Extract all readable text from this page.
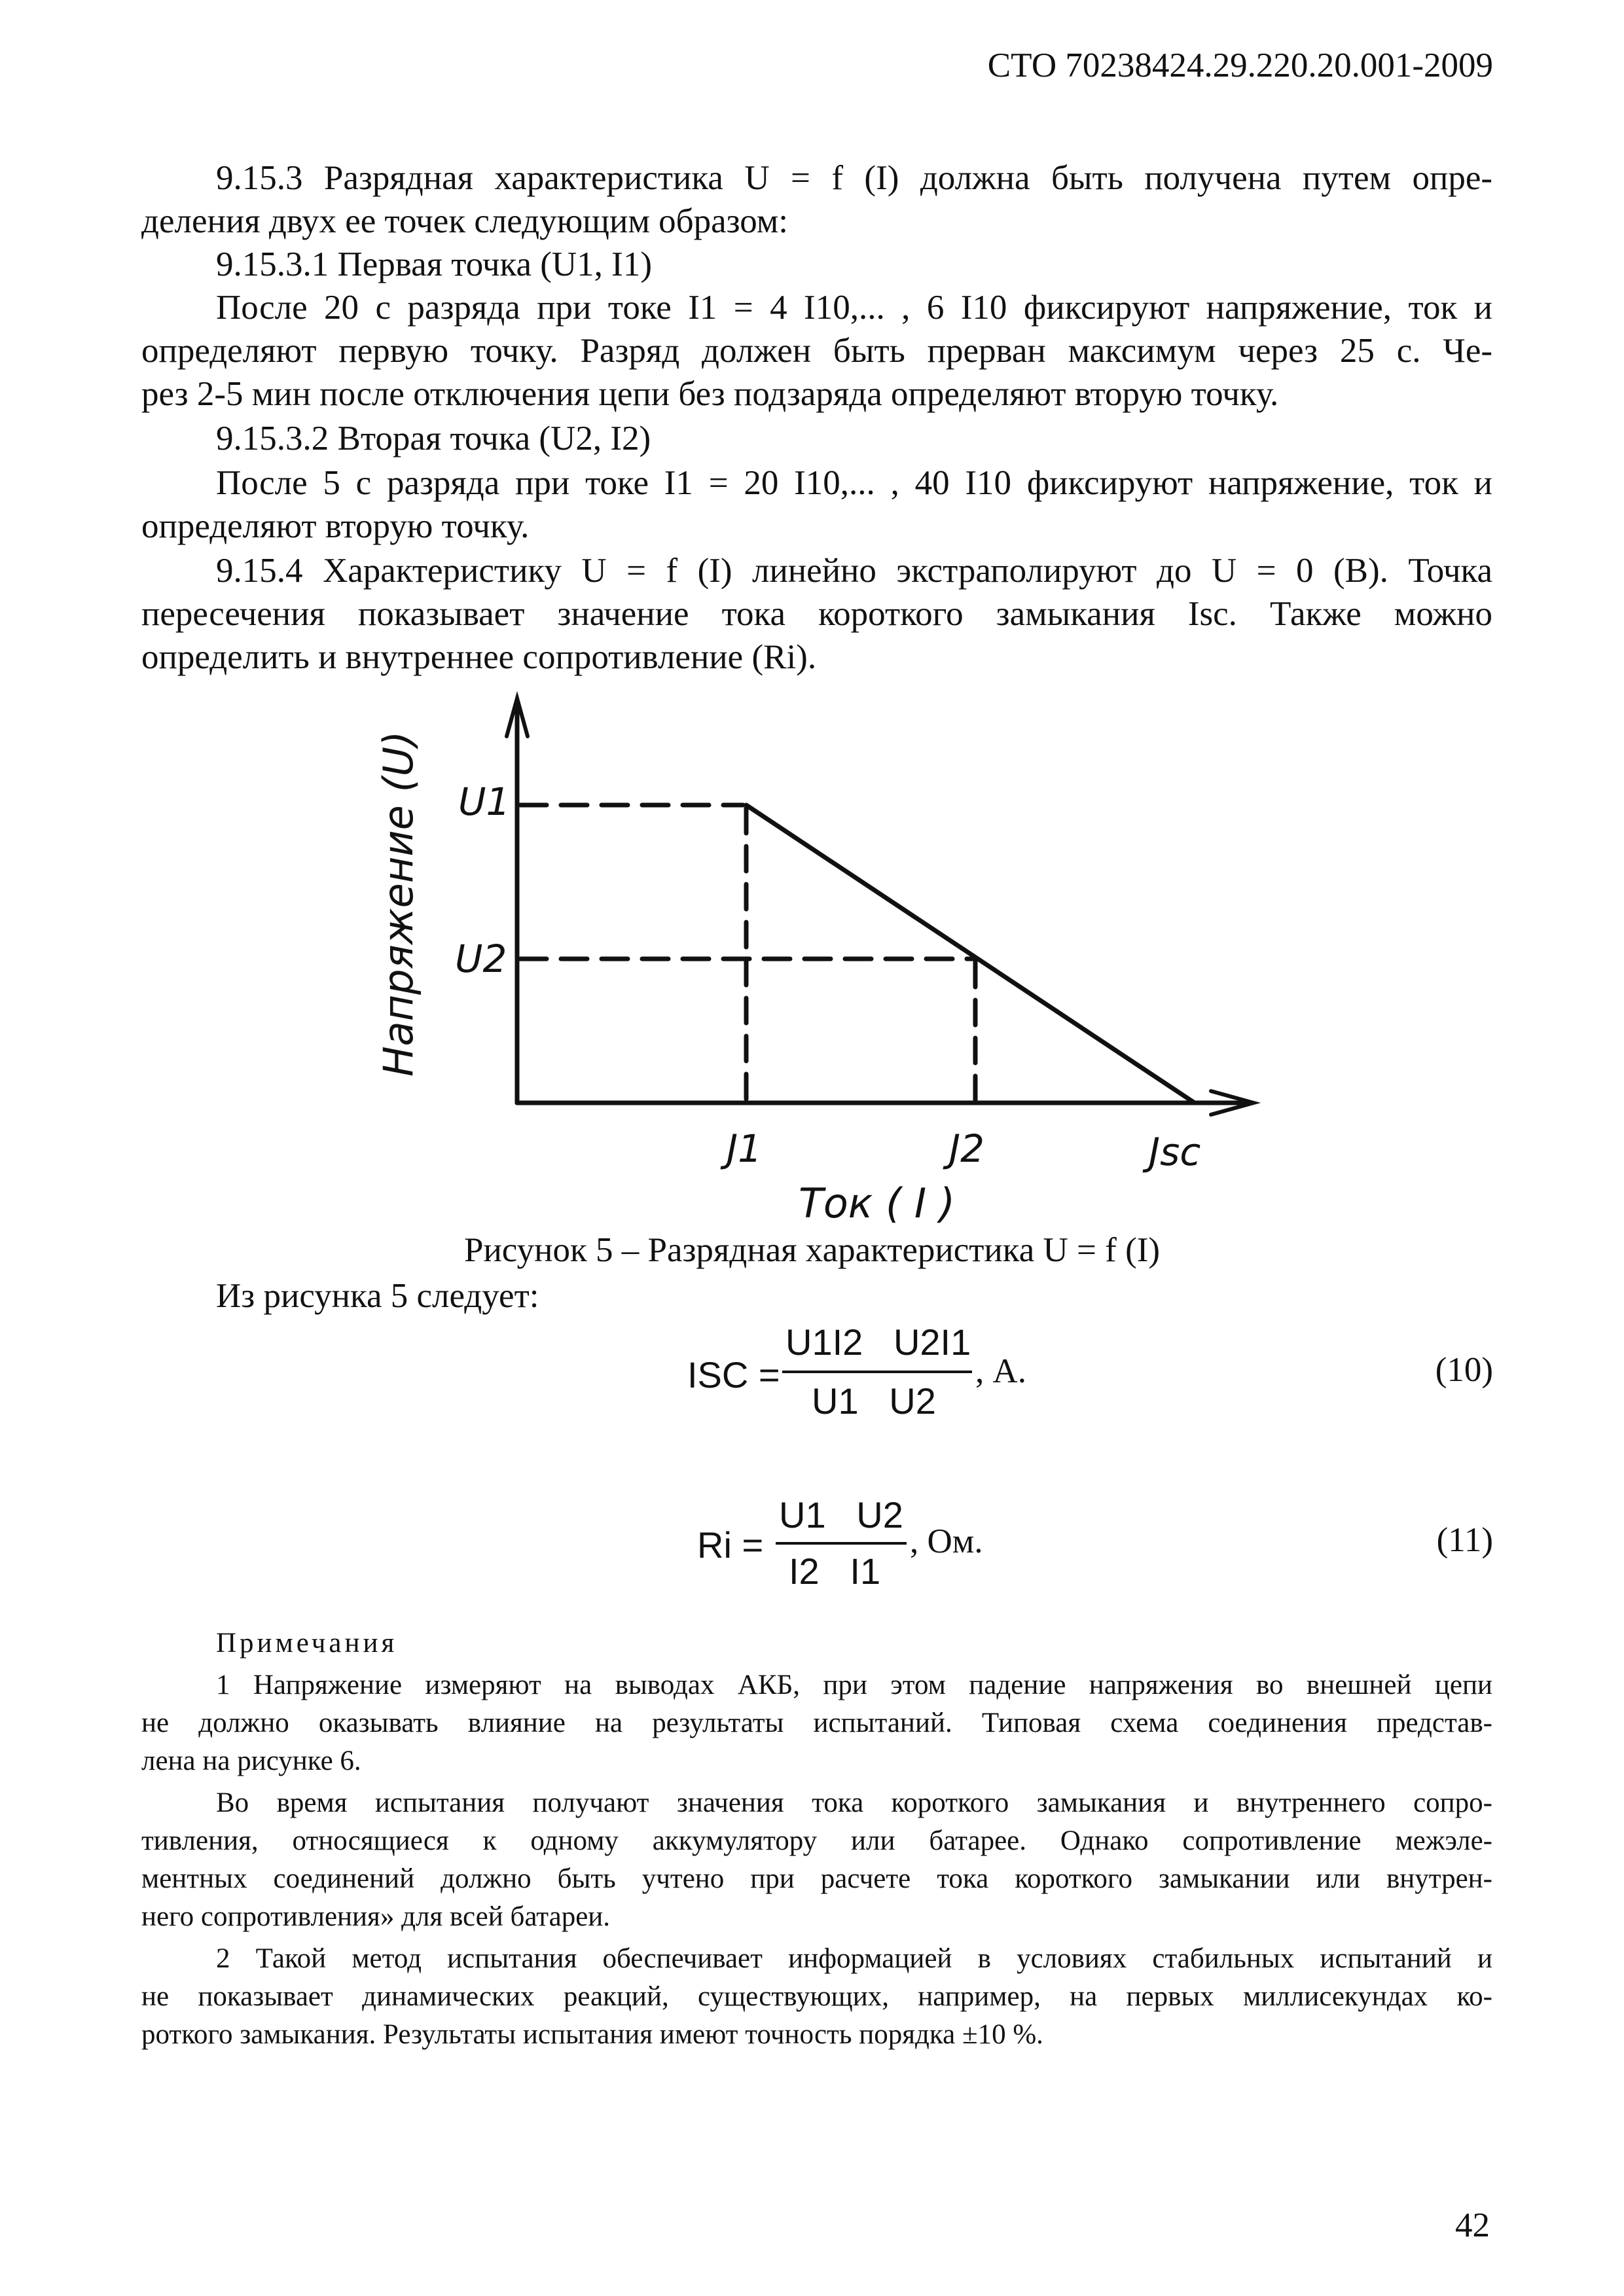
СТО 70238424.29.220.20.001-2009
9.15.3 Разрядная характеристика U = f (I) должна быть получена путем опре-
деления двух ее точек следующим образом:
9.15.3.1 Первая точка (U1, I1)
После 20 с разряда при токе I1 = 4 I10,... , 6 I10 фиксируют напряжение, ток и
определяют первую точку. Разряд должен быть прерван максимум через 25 с. Че-
рез 2-5 мин после отключения цепи без подзаряда определяют вторую точку.
9.15.3.2 Вторая точка (U2, I2)
После 5 с разряда при токе I1 = 20 I10,... , 40 I10 фиксируют напряжение, ток и
определяют вторую точку.
9.15.4 Характеристику U = f (I) линейно экстраполируют до U = 0 (В). Точка
пересечения показывает значение тока короткого замыкания Isc. Также можно
определить и внутреннее сопротивление (Ri).
Напряжение (U) U1
U2
J1	J2	Jsc
Ток ( I )
Рисунок 5 – Разрядная характеристика U = f (I)
Из рисунка 5 следует:
ISC =
U1I2   U2I1
U1   U2
, А.	(10)
Ri =
U1   U2
I2   I1
, Ом.	(11)
Примечания
1 Напряжение измеряют на выводах АКБ, при этом падение напряжения во внешней цепи
не должно оказывать влияние на результаты испытаний. Типовая схема соединения представ-
лена на рисунке 6.
Во время испытания получают значения тока короткого замыкания и внутреннего сопро-
тивления, относящиеся к одному аккумулятору или батарее. Однако сопротивление межэле-
ментных соединений должно быть учтено при расчете тока короткого замыкании или внутрен-
него сопротивления» для всей батареи.
2 Такой метод испытания обеспечивает информацией в условиях стабильных испытаний и
не показывает динамических реакций, существующих, например, на первых миллисекундах ко-
роткого замыкания. Результаты испытания имеют точность порядка ±10 %.
42
